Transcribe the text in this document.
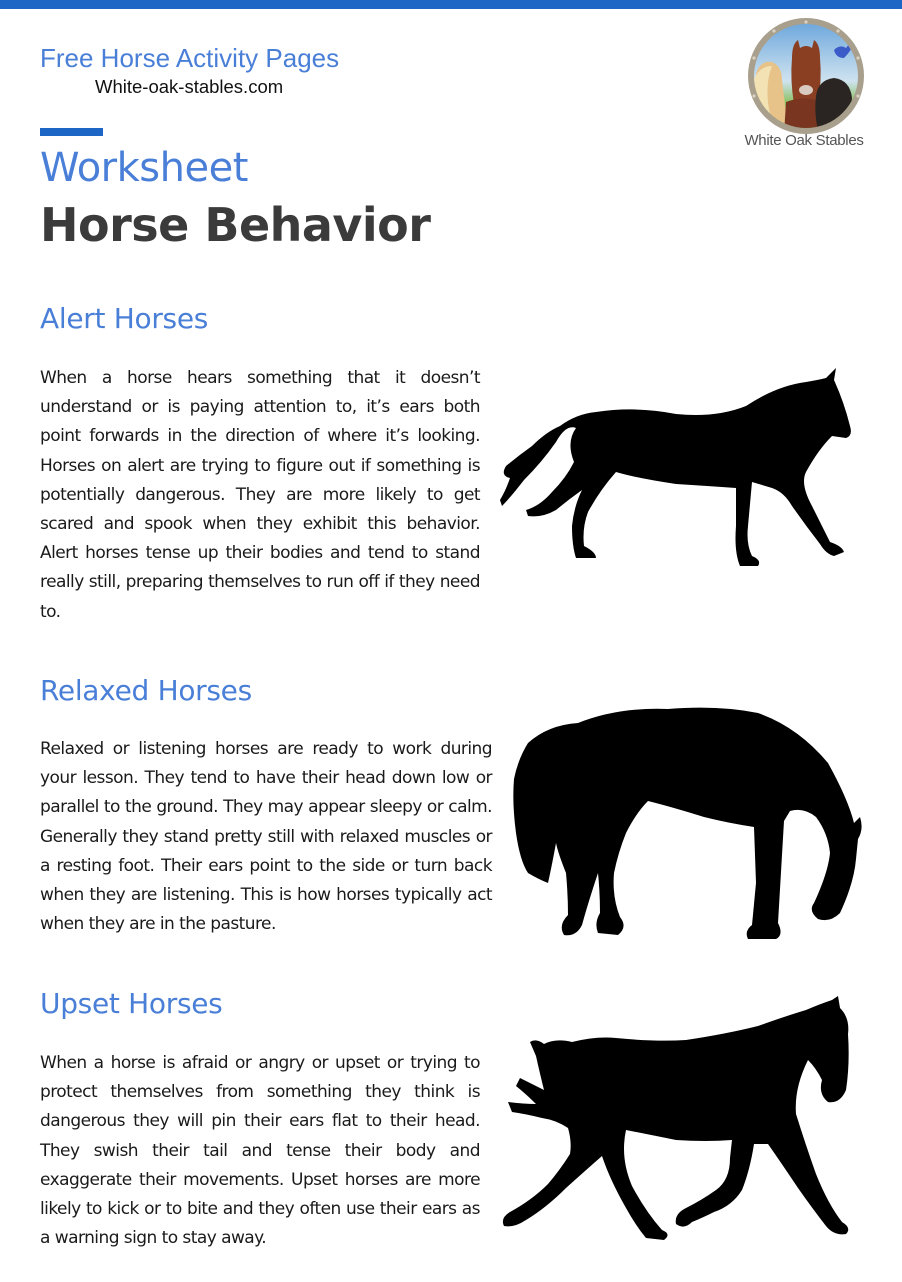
Free Horse Activity Pages
White-oak-stables.com
White Oak Stables
Worksheet
Horse Behavior
Alert Horses
When a horse hears something that it doesn’t understand or is paying attention to, it’s ears both point forwards in the direction of where it’s looking. Horses on alert are trying to figure out if something is potentially dangerous. They are more likely to get scared and spook when they exhibit this behavior. Alert horses tense up their bodies and tend to stand really still, preparing themselves to run off if they need to.
Relaxed Horses
Relaxed or listening horses are ready to work during your lesson. They tend to have their head down low or parallel to the ground. They may appear sleepy or calm. Generally they stand pretty still with relaxed muscles or a resting foot. Their ears point to the side or turn back when they are listening. This is how horses typically act when they are in the pasture.
Upset Horses
When a horse is afraid or angry or upset or trying to protect themselves from something they think is dangerous they will pin their ears flat to their head. They swish their tail and tense their body and exaggerate their movements. Upset horses are more likely to kick or to bite and they often use their ears as a warning sign to stay away.
